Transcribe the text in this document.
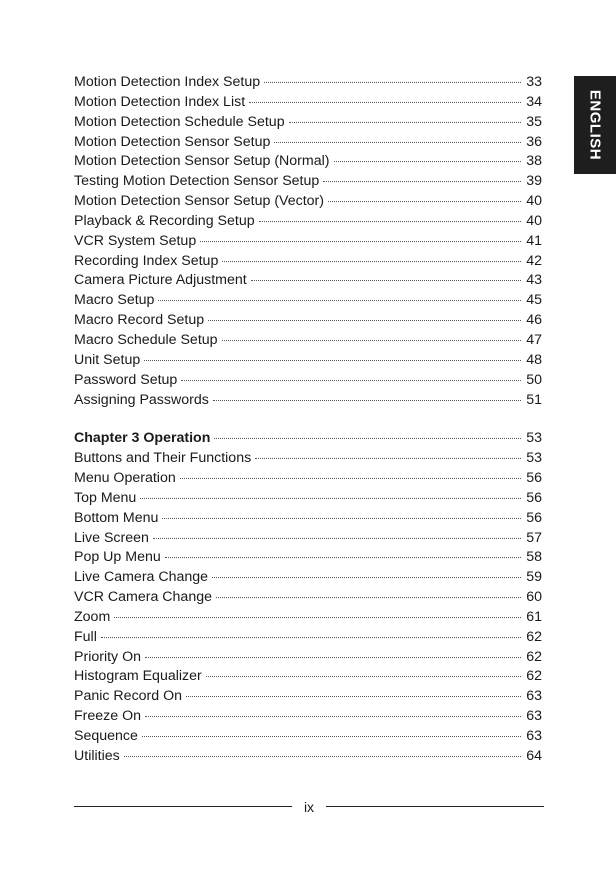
ENGLISH
Motion Detection Index Setup	33
Motion Detection Index List	34
Motion Detection Schedule Setup	35
Motion Detection Sensor Setup	36
Motion Detection Sensor Setup (Normal)	38
Testing Motion Detection Sensor Setup	39
Motion Detection Sensor Setup (Vector)	40
Playback & Recording Setup	40
VCR System Setup	41
Recording Index Setup	42
Camera Picture Adjustment	43
Macro Setup	45
Macro Record Setup	46
Macro Schedule Setup	47
Unit Setup	48
Password Setup	50
Assigning Passwords	51
Chapter 3 Operation	53
Buttons and Their Functions	53
Menu Operation	56
Top Menu	56
Bottom Menu	56
Live Screen	57
Pop Up Menu	58
Live Camera Change	59
VCR Camera Change	60
Zoom	61
Full	62
Priority On	62
Histogram Equalizer	62
Panic Record On	63
Freeze On	63
Sequence	63
Utilities	64
ix
